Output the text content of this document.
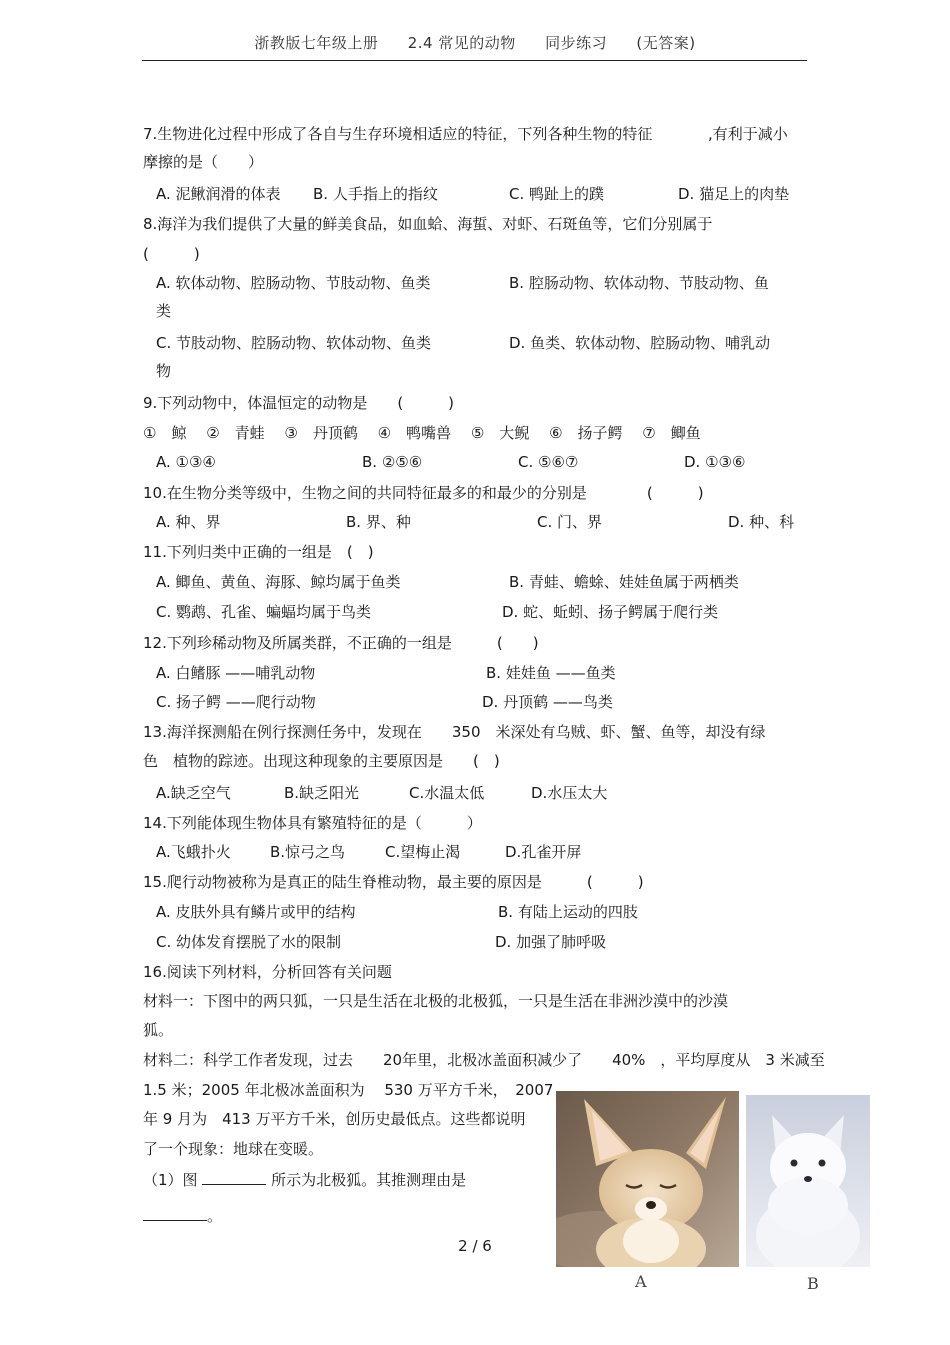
浙教版七年级上册 2.4 常见的动物 同步练习 (无答案)
7.生物进化过程中形成了各自与生存环境相适应的特征，下列各种生物的特征	,有利于减小
摩擦的是（　　）
A. 泥鳅润滑的体表 B. 人手指上的指纹	C. 鸭趾上的蹼	D. 猫足上的肉垫
8.海洋为我们提供了大量的鲜美食品，如血蛤、海蜇、对虾、石斑鱼等，它们分别属于
(　　　)
A. 软体动物、腔肠动物、节肢动物、鱼类	B. 腔肠动物、软体动物、节肢动物、鱼
类
C. 节肢动物、腔肠动物、软体动物、鱼类	D. 鱼类、软体动物、腔肠动物、哺乳动
物
9.下列动物中，体温恒定的动物是　　(　　　)
①　鲸　 ②　青蛙　 ③　丹顶鹤　 ④　鸭嘴兽　 ⑤　大鲵　 ⑥　扬子鳄　 ⑦　鲫鱼
A. ①③④	B. ②⑤⑥	C. ⑤⑥⑦	D. ①③⑥
10.在生物分类等级中，生物之间的共同特征最多的和最少的分别是　　　　(　　　)
A. 种、界	B. 界、种	C. 门、界	D. 种、科
11.下列归类中正确的一组是　(　)
A. 鲫鱼、黄鱼、海豚、鲸均属于鱼类	B. 青蛙、蟾蜍、娃娃鱼属于两栖类
C. 鹦鹉、孔雀、蝙蝠均属于鸟类	D. 蛇、蚯蚓、扬子鳄属于爬行类
12.下列珍稀动物及所属类群，不正确的一组是　　　(　　)
A. 白鳍豚 ——哺乳动物	B. 娃娃鱼 ——鱼类
C. 扬子鳄 ——爬行动物	D. 丹顶鹤 ——鸟类
13.海洋探测船在例行探测任务中，发现在　　350　米深处有乌贼、虾、蟹、鱼等，却没有绿
色　植物的踪迹。出现这种现象的主要原因是　　(　)
A.缺乏空气	B.缺乏阳光	C.水温太低	D.水压太大
14.下列能体现生物体具有繁殖特征的是（　　　）
A.飞蛾扑火	B.惊弓之鸟	C.望梅止渴	D.孔雀开屏
15.爬行动物被称为是真正的陆生脊椎动物，最主要的原因是　　　(　　　)
A. 皮肤外具有鳞片或甲的结构	B. 有陆上运动的四肢
C. 幼体发育摆脱了水的限制	D. 加强了肺呼吸
16.阅读下列材料，分析回答有关问题
材料一：下图中的两只狐，一只是生活在北极的北极狐，一只是生活在非洲沙漠中的沙漠
狐。
材料二：科学工作者发现，过去　　20年里，北极冰盖面积减少了　　40%　，平均厚度从　3 米减至
1.5 米；2005 年北极冰盖面积为　 530 万平方千米，　2007
年 9 月为　413 万平方千米，创历史最低点。这些都说明
了一个现象：地球在变暖。
（1）图	所示为北极狐。其推测理由是
。
A	B
2 / 6
